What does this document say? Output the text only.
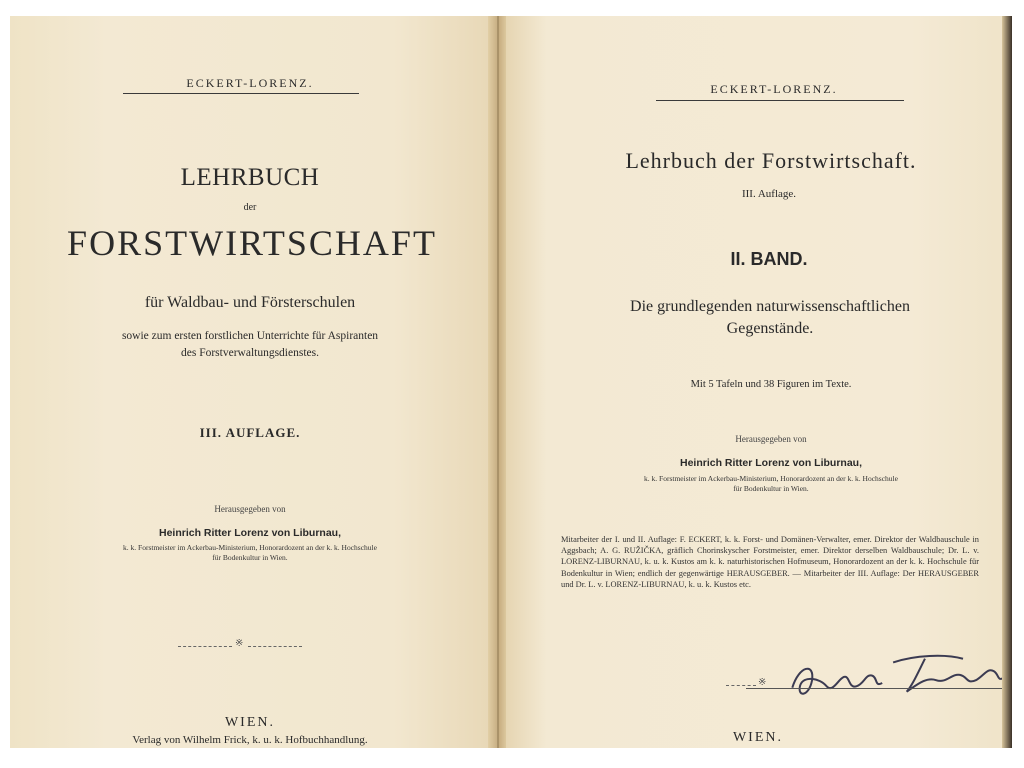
ECKERT-LORENZ.
LEHRBUCH
der
FORSTWIRTSCHAFT
für Waldbau- und Försterschulen
sowie zum ersten forstlichen Unterrichte für Aspiranten
des Forstverwaltungsdienstes.
III. AUFLAGE.
Herausgegeben von
Heinrich Ritter Lorenz von Liburnau,
k. k. Forstmeister im Ackerbau-Ministerium, Honorardozent an der k. k. Hochschule
für Bodenkultur in Wien.
※
WIEN.
Verlag von Wilhelm Frick, k. u. k. Hofbuchhandlung.
ECKERT-LORENZ.
Lehrbuch der Forstwirtschaft.
III. Auflage.
II. BAND.
Die grundlegenden naturwissenschaftlichen
Gegenstände.
Mit 5 Tafeln und 38 Figuren im Texte.
Herausgegeben von
Heinrich Ritter Lorenz von Liburnau,
k. k. Forstmeister im Ackerbau-Ministerium, Honorardozent an der k. k. Hochschule
für Bodenkultur in Wien.
Mitarbeiter der I. und II. Auflage: F. ECKERT, k. k. Forst- und Domänen-Verwalter, emer. Direktor der Waldbauschule in Aggsbach; A. G. RUŽIČKA, gräflich Chorinskyscher Forstmeister, emer. Direktor derselben Waldbauschule; Dr. L. v. LORENZ-LIBURNAU, k. u. k. Kustos am k. k. naturhistorischen Hofmuseum, Honorardozent an der k. k. Hochschule für Bodenkultur in Wien; endlich der gegenwärtige HERAUSGEBER. — Mitarbeiter der III. Auflage: Der HERAUSGEBER und Dr. L. v. LORENZ-LIBURNAU, k. u. k. Kustos etc.
※
WIEN.
